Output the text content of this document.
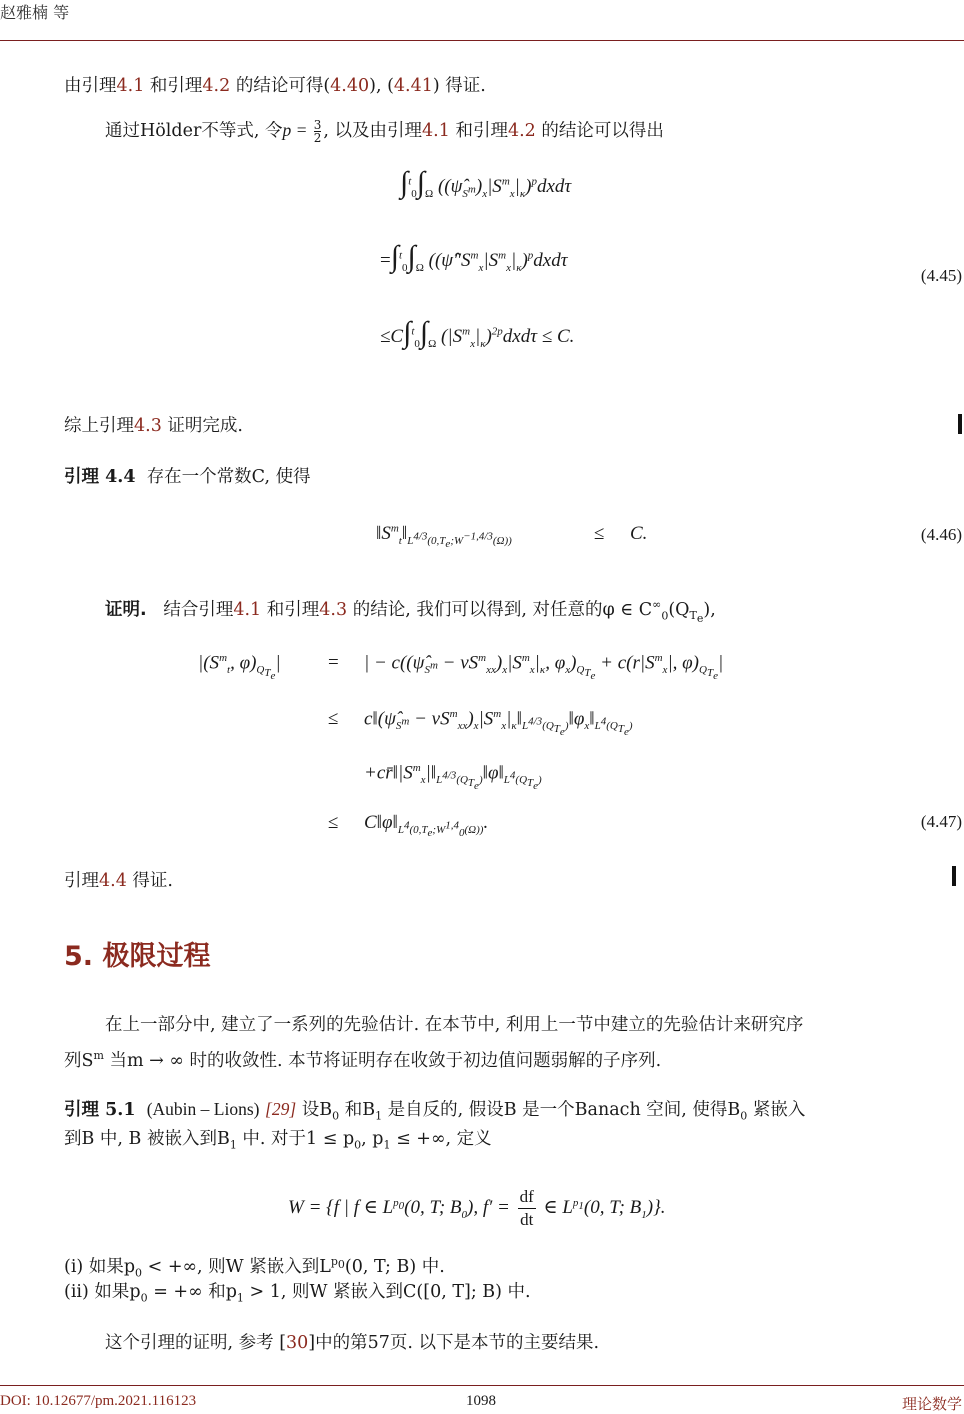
赵雅楠 等
由引理4.1 和引理4.2 的结论可得(4.40), (4.41) 得证.
通过Hölder不等式, 令$p = \frac{3}{2}$ , 以及由引理4.1 和引理4.2 的结论可以得出
$\int^t_0\int_\Omega$ $((\psî_{S^m})_x|S^m_x|_\kappa)^pdxd\tau$
$=\int^t_0\int_\Omega$ ($(\psî''S^m_x|S^m_x|_\kappa)^pdxd\tau$
(4.45)
$\le C\int^t_0\int_\Omega$ $(|S^m_x|_\kappa)^{2p}dxd\tau \le C$.
综上引理4.3 证明完成.
引理 4.4 存在一个常数C, 使得
$‖S^m_t‖_{L^{4/3}(0,T_e;W^{-1,4/3}(\Omega))}$	≤ C.	(4.46)
证明. 结合引理4.1 和引理4.3 的结论, 我们可以得到, 对任意的φ ∈ $C^\infty_0(Q_{T_e})$,
$|(S^m_t$, $\varphi)_{Q_{T_e}}|$ = | − $c((\psî_{S^m} - \nu S^m_{xx})_x|S^m_x|_\kappa$, $\varphi_x)_{Q_{T_e}} + c(r|S^m_x|$, $\varphi)_{Q_{T_e}}|$
≤ $c‖(\psî_{S^m}$ − $\nu S^m_{xx})_x|S^m_x|_\kappa‖_{L^{4/3}(Q_{T_e})}‖\varphi_x‖_{L^4(Q_{T_e})}$
$+cr̄‖|S^m_x|‖_{L^{4/3}(Q_{T_e})}‖\varphi‖_{L^4(Q_{T_e})}$
≤ $C‖\varphi‖_{L^4(0,T_e;W^{1,4}_0(\Omega))}$.	(4.47)
引理4.4 得证.
5. 极限过程
在上一部分中, 建立了一系列的先验估计. 在本节中, 利用上一节中建立的先验估计来研究序
列$S^m$ 当m → ∞ 时的收敛性. 本节将证明存在收敛于初边值问题弱解的子序列.
引理 5.1 (Aubin – Lions) [29] 设$B_0$ 和$B_1$ 是自反的, 假设B 是一个Banach 空间, 使得$B_0$ 紧嵌入
到B 中, B 被嵌入到$B_1$ 中. 对于$1 \le p_0$, $p_1$ ≤ +∞, 定义
W = {f | f ∈ $L^{p_0}(0$, T; $B_0$), $f' = \frac{df}{dt}$ ∈ $L^{p_1}(0$, T; $B_1$)}.
(i) 如果$p_0$ < +∞, 则W 紧嵌入到$L^{p_0}(0$, T; B) 中.
(ii) 如果$p_0$ = +∞ 和$p_1 > 1$, 则W 紧嵌入到C([0, T]; B) 中.
这个引理的证明, 参考 [30]中的第57页. 以下是本节的主要结果.
DOI: 10.12677/pm.2021.116123	1098	理论数学
